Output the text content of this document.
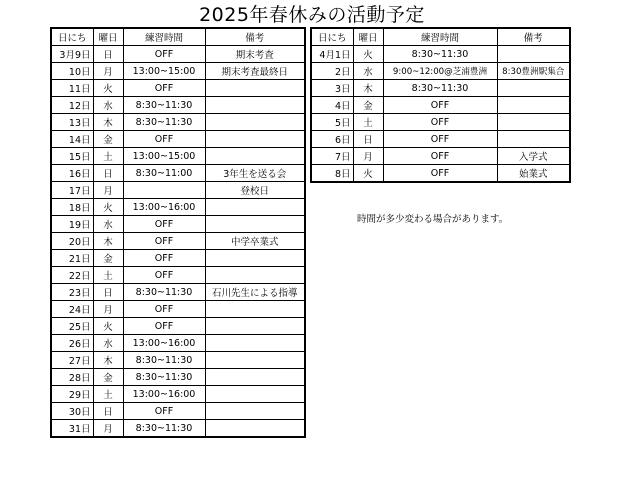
2025年春休みの活動予定
日にち	曜日	練習時間	備考
3月9日	日	OFF	期末考査
10日	月	13:00~15:00	期末考査最終日
11日	火	OFF	
12日	水	8:30~11:30	
13日	木	8:30~11:30	
14日	金	OFF	
15日	土	13:00~15:00	
16日	日	8:30~11:00	3年生を送る会
17日	月		登校日
18日	火	13:00~16:00	
19日	水	OFF	
20日	木	OFF	中学卒業式
21日	金	OFF	
22日	土	OFF	
23日	日	8:30~11:30	石川先生による指導
24日	月	OFF	
25日	火	OFF	
26日	水	13:00~16:00	
27日	木	8:30~11:30	
28日	金	8:30~11:30	
29日	土	13:00~16:00	
30日	日	OFF	
31日	月	8:30~11:30	
日にち	曜日	練習時間	備考
4月1日	火	8:30~11:30	
2日	水	9:00~12:00@芝浦豊洲	8:30豊洲駅集合
3日	木	8:30~11:30	
4日	金	OFF	
5日	土	OFF	
6日	日	OFF	
7日	月	OFF	入学式
8日	火	OFF	始業式
時間が多少変わる場合があります。
